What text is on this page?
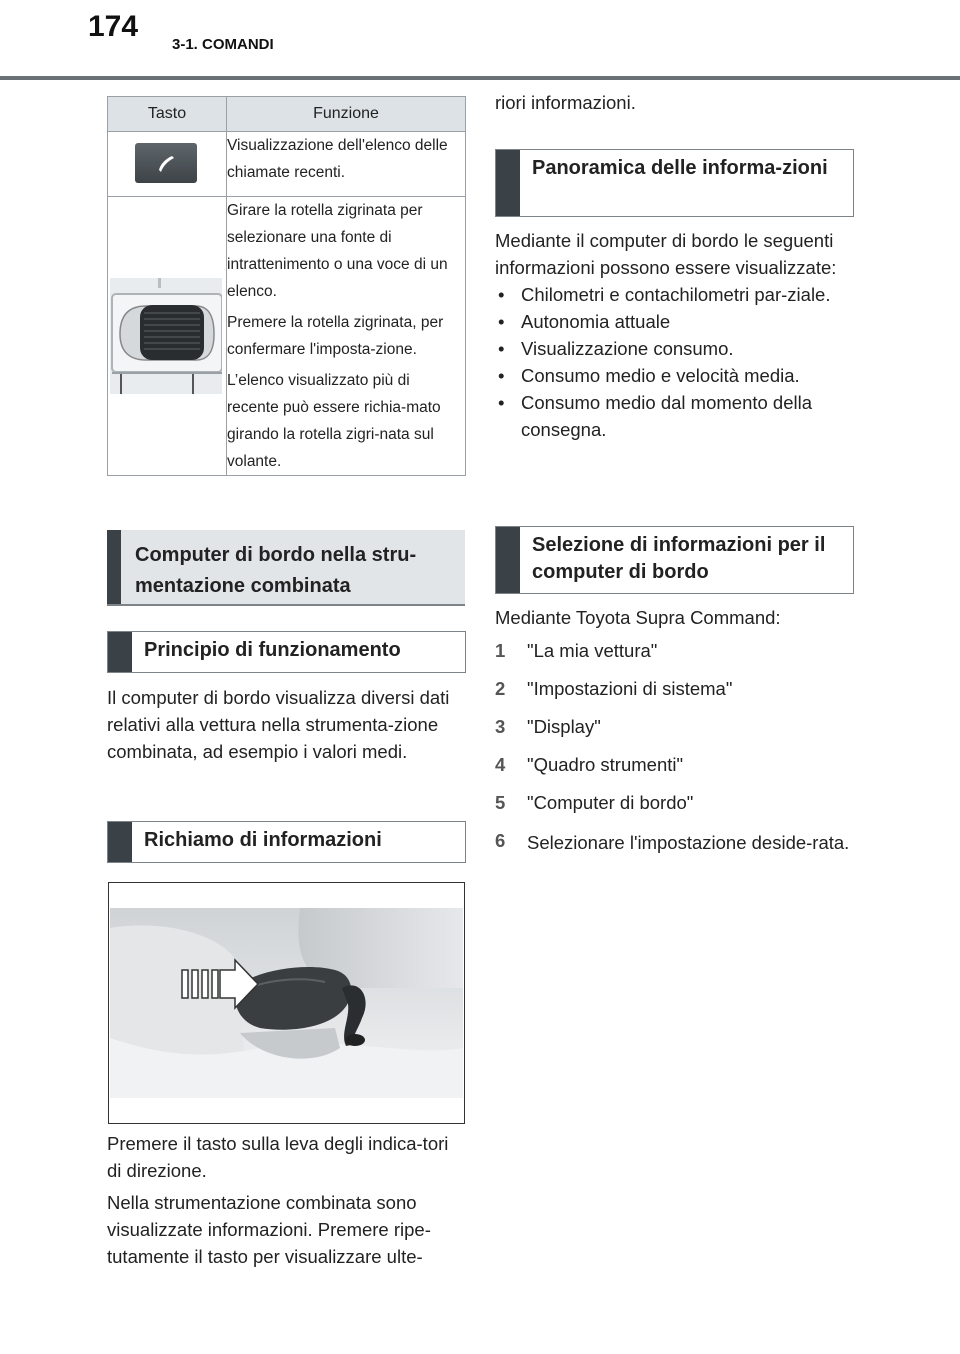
174
3-1. COMANDI
Tasto	Funzione

Visualizzazione dell'elenco delle chiamate recenti.

Girare la rotella zigrinata per selezionare una fonte di intrattenimento o una voce di un elenco.

Premere la rotella zigrinata, per confermare l'imposta-zione.

L’elenco visualizzato più di recente può essere richia-mato girando la rotella zigri-nata sul volante.

Computer di bordo nella stru-mentazione combinata
Principio di funzionamento

Il computer di bordo visualizza diversi dati relativi alla vettura nella strumenta-zione combinata, ad esempio i valori medi.

Richiamo di informazioni

Premere il tasto sulla leva degli indica-tori di direzione.

Nella strumentazione combinata sono visualizzate informazioni. Premere ripe-tutamente il tasto per visualizzare ulte-

riori informazioni.

Panoramica delle informa-zioni

Mediante il computer di bordo le seguenti informazioni possono essere visualizzate:

• Chilometri e contachilometri par-ziale.
• Autonomia attuale
• Visualizzazione consumo.
• Consumo medio e velocità media.
• Consumo medio dal momento della consegna.
Selezione di informazioni per il computer di bordo

Mediante Toyota Supra Command:

1	"La mia vettura"
2	"Impostazioni di sistema"
3	"Display"
4	"Quadro strumenti"
5	"Computer di bordo"
6	Selezionare l'impostazione deside-rata.
